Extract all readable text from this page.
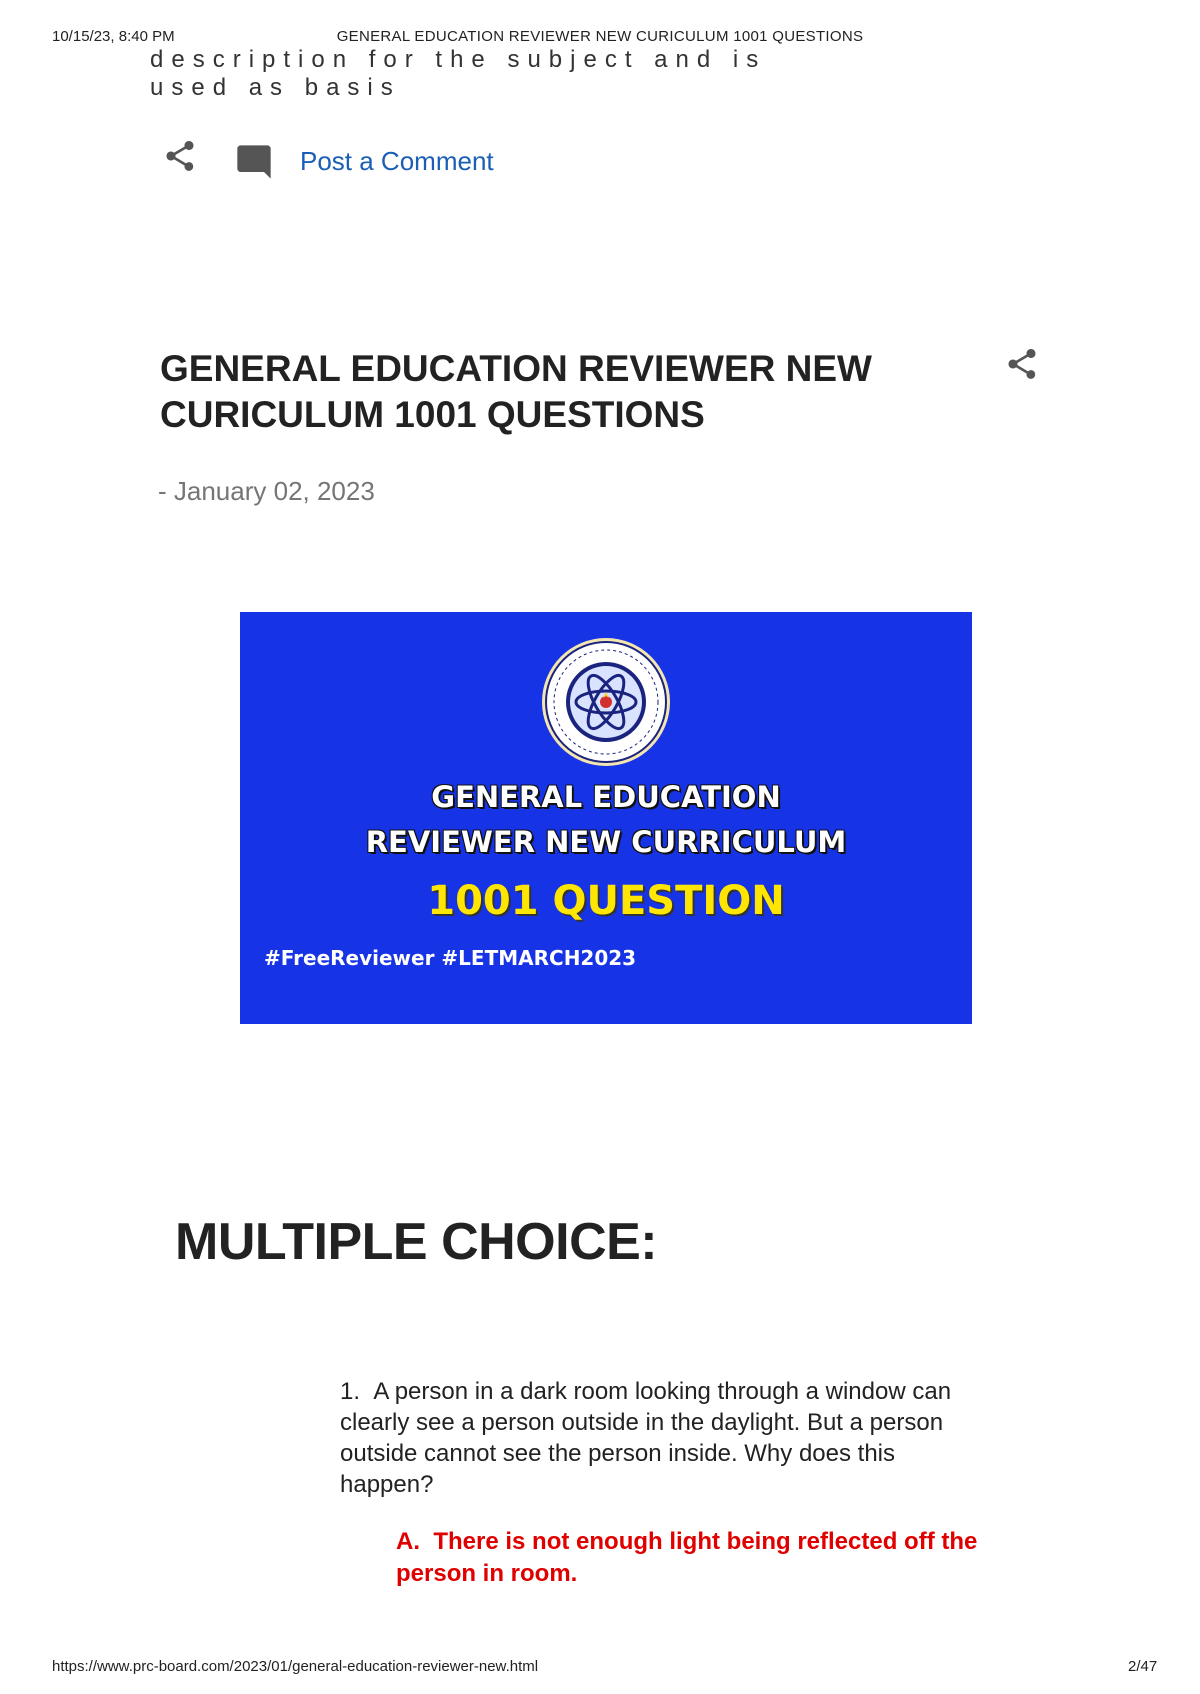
10/15/23, 8:40 PM	GENERAL EDUCATION REVIEWER NEW CURICULUM 1001 QUESTIONS
description for the subject and is used as basis
Post a Comment
GENERAL EDUCATION REVIEWER NEW CURICULUM 1001 QUESTIONS
- January 02, 2023
GENERAL EDUCATION
REVIEWER NEW CURRICULUM
1001 QUESTION
#FreeReviewer #LETMARCH2023
MULTIPLE CHOICE:
1. A person in a dark room looking through a window can clearly see a person outside in the daylight. But a person outside cannot see the person inside. Why does this happen?
A. There is not enough light being reflected off the person in room.
https://www.prc-board.com/2023/01/general-education-reviewer-new.html	2/47
